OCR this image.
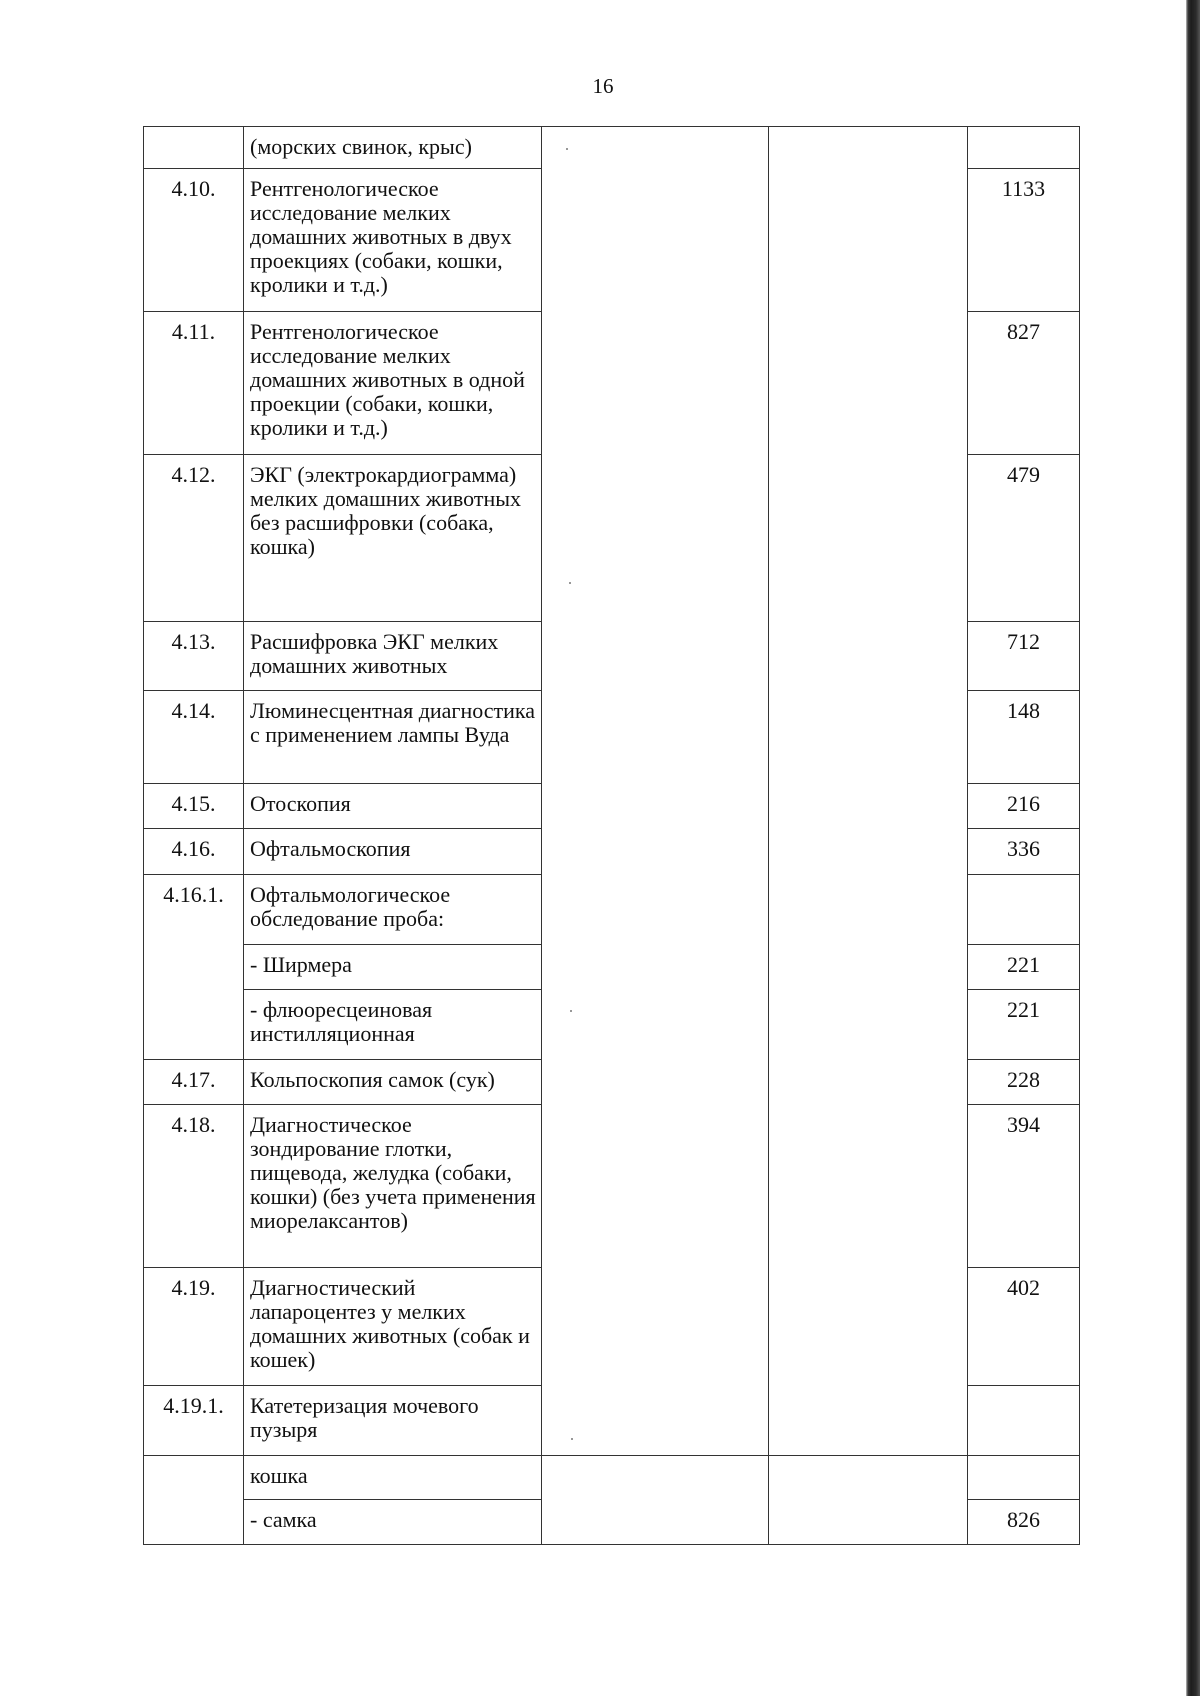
16
	(морских свинок, крыс)			
4.10.	Рентгенологическое исследование мелких домашних животных в двух проекциях (собаки, кошки, кролики и т.д.)			1133
4.11.	Рентгенологическое исследование мелких домашних животных в одной проекции (собаки, кошки, кролики и т.д.)			827
4.12.	ЭКГ (электрокардиограмма) мелких домашних животных без расшифровки (собака, кошка)			479
4.13.	Расшифровка ЭКГ мелких домашних животных			712
4.14.	Люминесцентная диагностика с применением лампы Вуда			148
4.15.	Отоскопия			216
4.16.	Офтальмоскопия			336
4.16.1.	Офтальмологическое обследование проба:			
	- Ширмера			221
	- флюоресцеиновая инстилляционная			221
4.17.	Кольпоскопия самок (сук)			228
4.18.	Диагностическое зондирование глотки, пищевода, желудка (собаки, кошки) (без учета применения миорелаксантов)			394
4.19.	Диагностический лапароцентез у мелких домашних животных (собак и кошек)			402
4.19.1.	Катетеризация мочевого пузыря			
	кошка			
	- самка			826
